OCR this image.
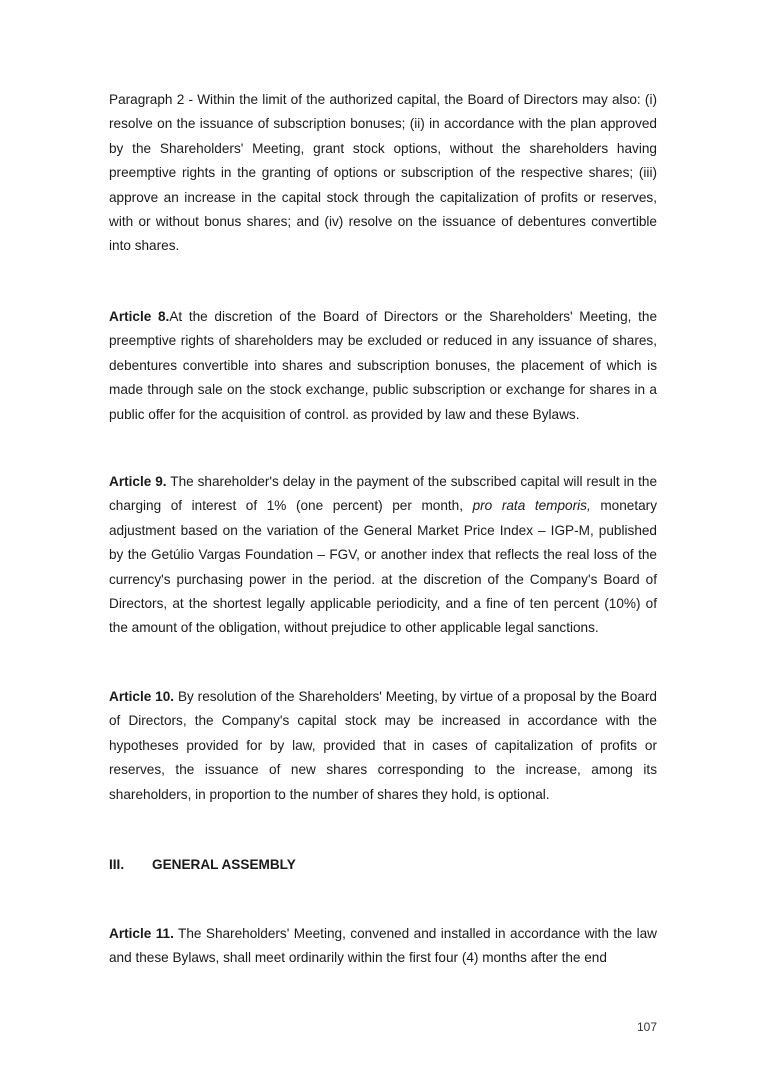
Paragraph 2 - Within the limit of the authorized capital, the Board of Directors may also: (i) resolve on the issuance of subscription bonuses; (ii) in accordance with the plan approved by the Shareholders' Meeting, grant stock options, without the shareholders having preemptive rights in the granting of options or subscription of the respective shares; (iii) approve an increase in the capital stock through the capitalization of profits or reserves, with or without bonus shares; and (iv) resolve on the issuance of debentures convertible into shares.

Article 8.At the discretion of the Board of Directors or the Shareholders' Meeting, the preemptive rights of shareholders may be excluded or reduced in any issuance of shares, debentures convertible into shares and subscription bonuses, the placement of which is made through sale on the stock exchange, public subscription or exchange for shares in a public offer for the acquisition of control. as provided by law and these Bylaws.

Article 9. The shareholder's delay in the payment of the subscribed capital will result in the charging of interest of 1% (one percent) per month, pro rata temporis, monetary adjustment based on the variation of the General Market Price Index – IGP-M, published by the Getúlio Vargas Foundation – FGV, or another index that reflects the real loss of the currency's purchasing power in the period. at the discretion of the Company's Board of Directors, at the shortest legally applicable periodicity, and a fine of ten percent (10%) of the amount of the obligation, without prejudice to other applicable legal sanctions.

Article 10. By resolution of the Shareholders' Meeting, by virtue of a proposal by the Board of Directors, the Company's capital stock may be increased in accordance with the hypotheses provided for by law, provided that in cases of capitalization of profits or reserves, the issuance of new shares corresponding to the increase, among its shareholders, in proportion to the number of shares they hold, is optional.

III. GENERAL ASSEMBLY

Article 11. The Shareholders' Meeting, convened and installed in accordance with the law and these Bylaws, shall meet ordinarily within the first four (4) months after the end

107
